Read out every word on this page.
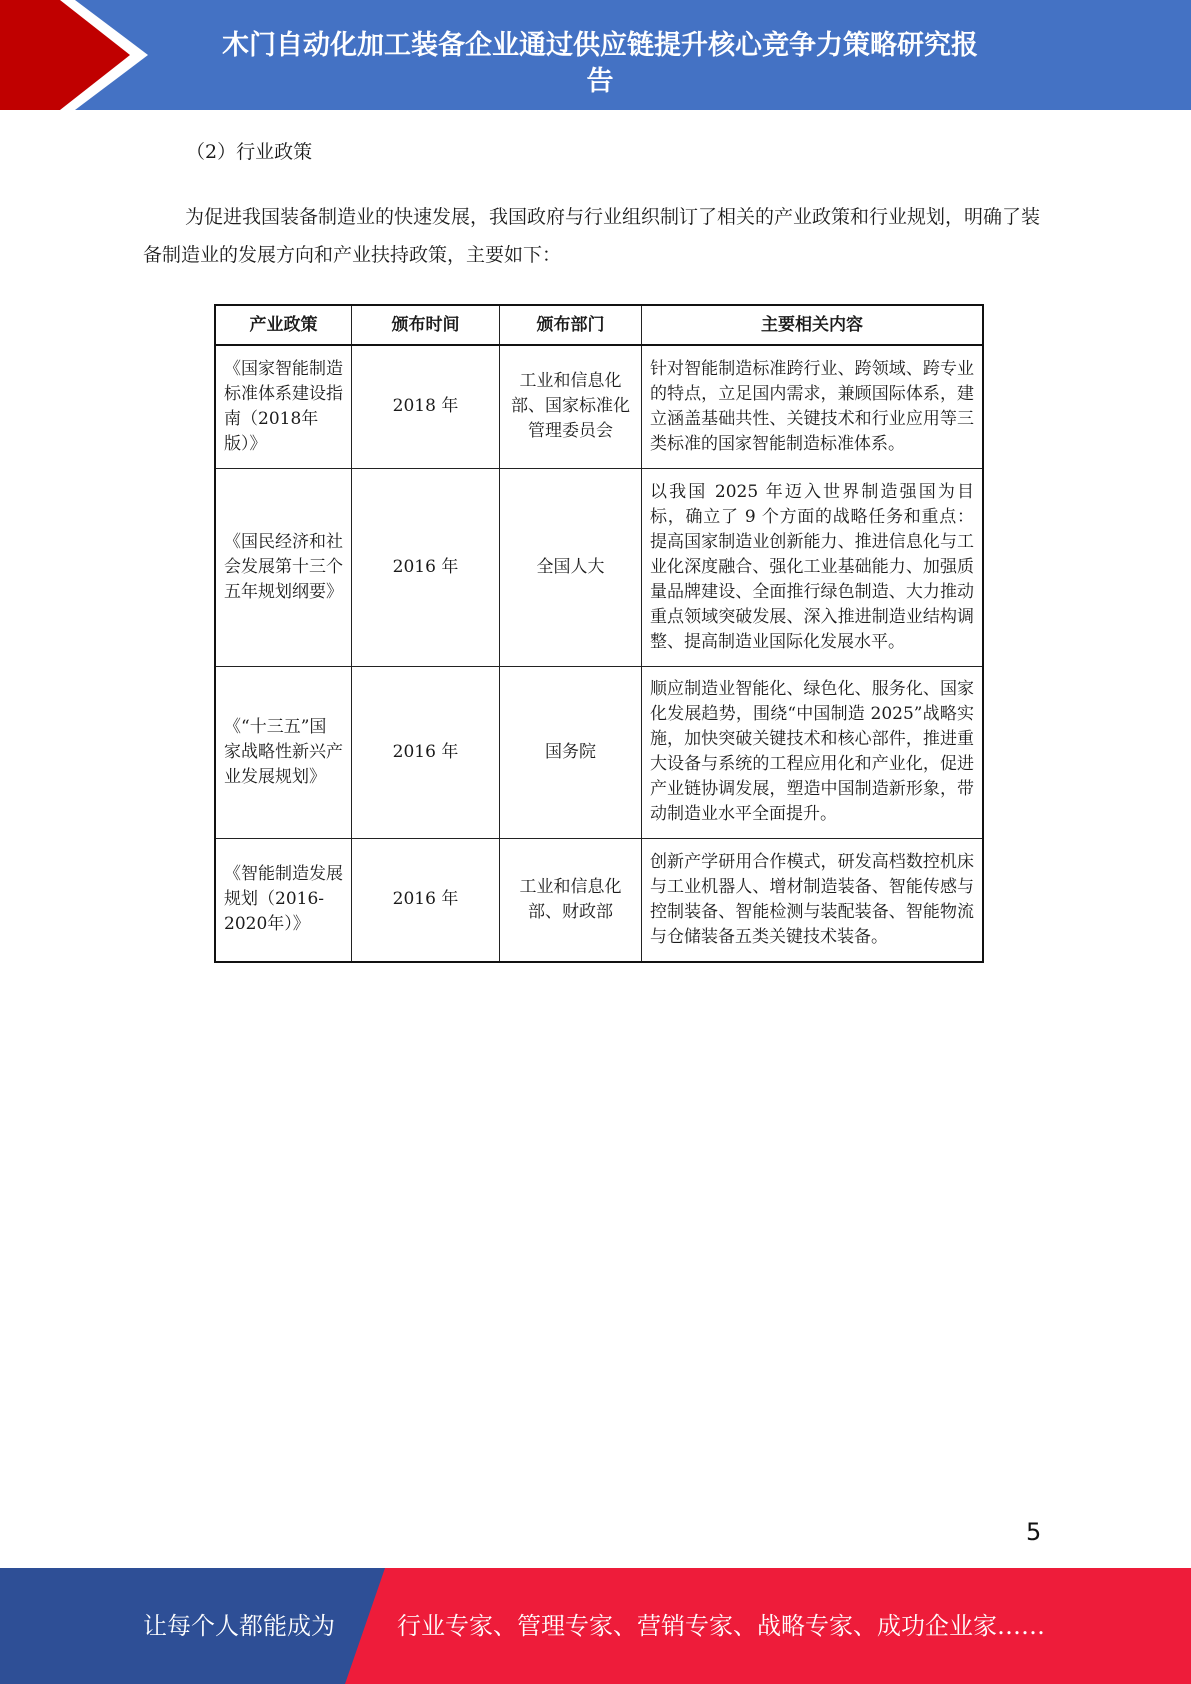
木门自动化加工装备企业通过供应链提升核心竞争力策略研究报
告
（2）行业政策
为促进我国装备制造业的快速发展，我国政府与行业组织制订了相关的产业政策和行业规划，明确了装备制造业的发展方向和产业扶持政策，主要如下：
产业政策	颁布时间	颁布部门	主要相关内容
《国家智能制造标准体系建设指南（2018年版）》	2018 年	工业和信息化部、国家标准化管理委员会	针对智能制造标准跨行业、跨领域、跨专业的特点，立足国内需求，兼顾国际体系，建立涵盖基础共性、关键技术和行业应用等三类标准的国家智能制造标准体系。
《国民经济和社会发展第十三个五年规划纲要》	2016 年	全国人大	以我国 2025 年迈入世界制造强国为目标，确立了 9 个方面的战略任务和重点：提高国家制造业创新能力、推进信息化与工业化深度融合、强化工业基础能力、加强质量品牌建设、全面推行绿色制造、大力推动重点领域突破发展、深入推进制造业结构调整、提高制造业国际化发展水平。
《“十三五”国家战略性新兴产业发展规划》	2016 年	国务院	顺应制造业智能化、绿色化、服务化、国家化发展趋势，围绕“中国制造 2025”战略实施，加快突破关键技术和核心部件，推进重大设备与系统的工程应用化和产业化，促进产业链协调发展，塑造中国制造新形象，带动制造业水平全面提升。
《智能制造发展规划（2016-2020年）》	2016 年	工业和信息化部、财政部	创新产学研用合作模式，研发高档数控机床与工业机器人、增材制造装备、智能传感与控制装备、智能检测与装配装备、智能物流与仓储装备五类关键技术装备。
5
让每个人都能成为	行业专家、管理专家、营销专家、战略专家、成功企业家……
